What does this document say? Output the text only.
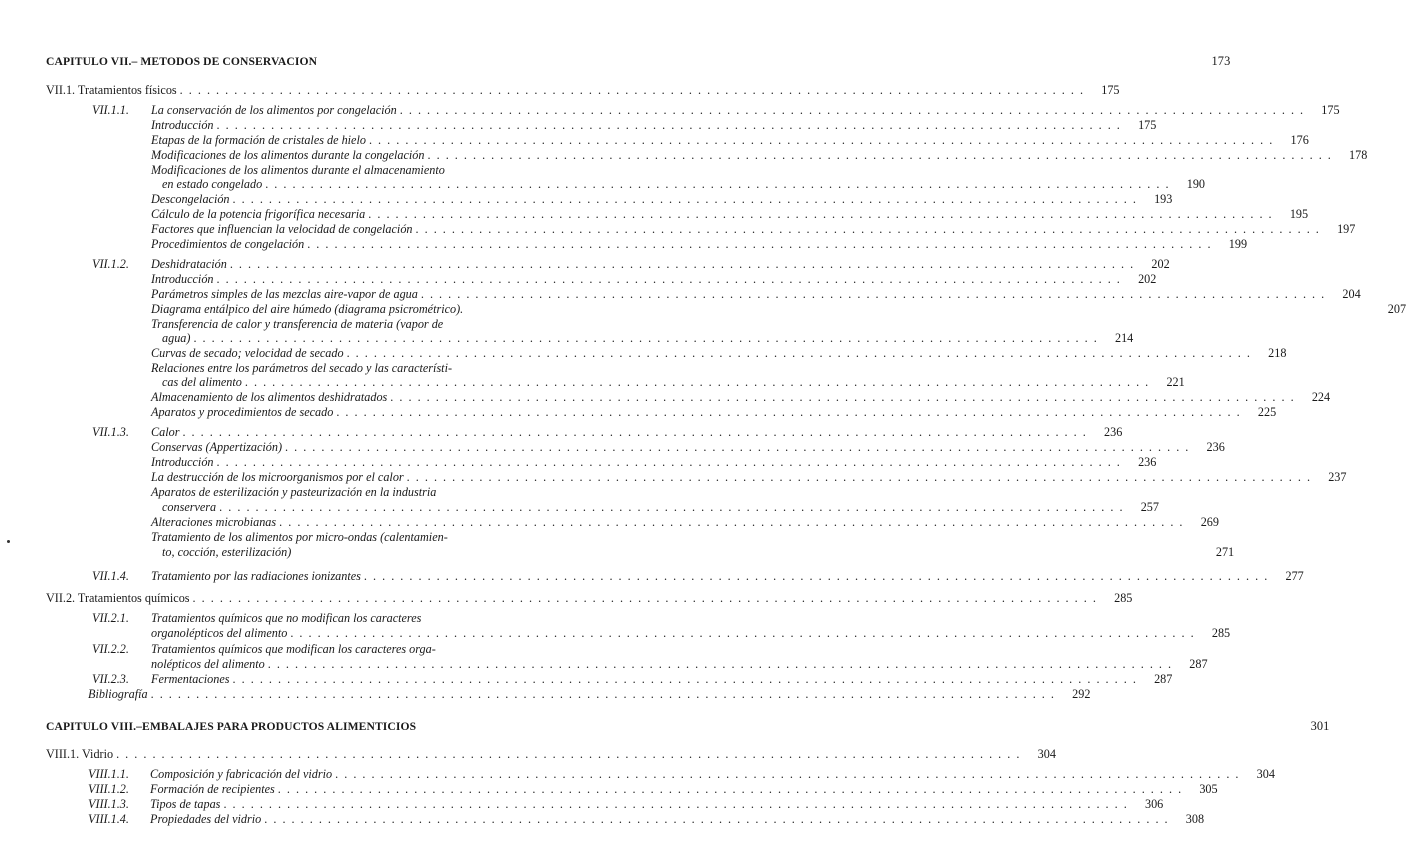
CAPITULO VII.– METODOS DE CONSERVACION	173
VII.1. Tratamientos físicos . . .	175
VII.1.1. La conservación de los alimentos por congelación . . .	175
Introducción . . .	175
Etapas de la formación de cristales de hielo . . .	176
Modificaciones de los alimentos durante la congelación . . .	178
Modificaciones de los alimentos durante el almacenamiento
en estado congelado . . .	190
Descongelación . . .	193
Cálculo de la potencia frigorífica necesaria . . .	195
Factores que influencian la velocidad de congelación . . .	197
Procedimientos de congelación . . .	199
VII.1.2. Deshidratación . . .	202
Introducción . . .	202
Parámetros simples de las mezclas aire-vapor de agua . . .	204
Diagrama entálpico del aire húmedo (diagrama psicrométrico).	207
Transferencia de calor y transferencia de materia (vapor de
agua) . . .	214
Curvas de secado; velocidad de secado . . .	218
Relaciones entre los parámetros del secado y las característi-
cas del alimento . . .	221
Almacenamiento de los alimentos deshidratados . . .	224
Aparatos y procedimientos de secado . . .	225
VII.1.3. Calor . . .	236
Conservas (Appertización) . . .	236
Introducción . . .	236
La destrucción de los microorganismos por el calor . . .	237
Aparatos de esterilización y pasteurización en la industria
conservera . . .	257
Alteraciones microbianas . . .	269
Tratamiento de los alimentos por micro-ondas (calentamien-
to, cocción, esterilización)	271
VII.1.4. Tratamiento por las radiaciones ionizantes . . .	277
VII.2. Tratamientos químicos . . .	285
VII.2.1. Tratamientos químicos que no modifican los caracteres
organolépticos del alimento . . .	285
VII.2.2. Tratamientos químicos que modifican los caracteres orga-
nolépticos del alimento . . .	287
VII.2.3. Fermentaciones . . .	287
Bibliografía . . .	292
CAPITULO VIII.–EMBALAJES PARA PRODUCTOS ALIMENTICIOS	301
VIII.1. Vidrio . . .	304
VIII.1.1. Composición y fabricación del vidrio . . .	304
VIII.1.2. Formación de recipientes . . .	305
VIII.1.3. Tipos de tapas . . .	306
VIII.1.4. Propiedades del vidrio . . .	308
